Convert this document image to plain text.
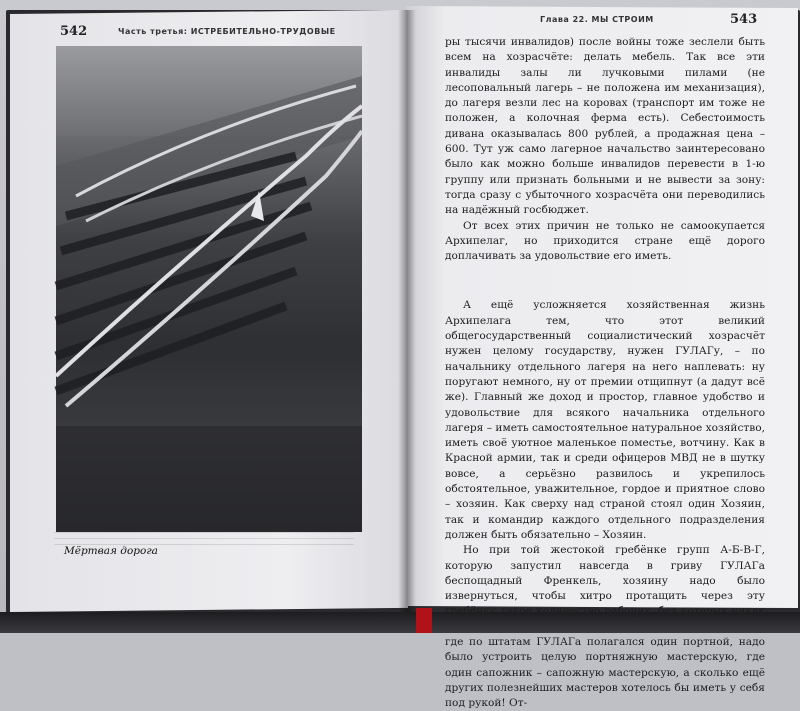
542	Часть третья: ИСТРЕБИТЕЛЬНО-ТРУДОВЫЕ
Мёртвая дорога
Глава 22. МЫ СТРОИМ	543

ры тысячи инвалидов) после войны тоже зеслели быть всем на хозрасчёте: делать мебель. Так все эти инвалиды залы ли лучковыми пилами (не лесоповальный лагерь – не положена им механизация), до лагеря везли лес на коровах (транспорт им тоже не положен, а колочная ферма есть). Себестоимость дивана оказывалась 800 рублей, а продажная цена – 600. Тут уж само лагерное начальство заинтересовано было как можно больше инвалидов перевести в 1-ю группу или признать больными и не вывести за зону: тогда сразу с убыточного хозрасчёта они переводились на надёжный госбюджет.

От всех этих причин не только не самоокупается Архипелаг, но приходится стране ещё дорого доплачивать за удовольствие его иметь.

А ещё усложняется хозяйственная жизнь Архипелага тем, что этот великий общегосударственный социалистический хозрасчёт нужен целому государству, нужен ГУЛАГу, – по начальнику отдельного лагеря на него наплевать: ну поругают немного, ну от премии отщипнут (а дадут всё же). Главный же доход и простор, главное удобство и удовольствие для всякого начальника отдельного лагеря – иметь самостоятельное натуральное хозяйство, иметь своё уютное маленькое поместье, вотчину. Как в Красной армии, так и среди офицеров МВД не в шутку вовсе, а серьёзно развилось и укрепилось обстоятельное, уважительное, гордое и приятное слово – хозяин. Как сверху над страной стоял один Хозяин, так и командир каждого отдельного подразделения должен быть обязательно – Хозяин.

Но при той жестокой гребёнке групп А-Б-В-Г, которую запустил навсегда в гриву ГУЛАГа беспощадный Френкель, хозяину надо было извернуться, чтобы хитро протащить через эту где по штатам ГУЛАГа полагался один портной, надо было устроить целую портняжную мастерскую, где один сапожник – сапожную мастерскую, а сколько ещё других полезнейших мастеров хотелось бы иметь у себя под рукой! От-
